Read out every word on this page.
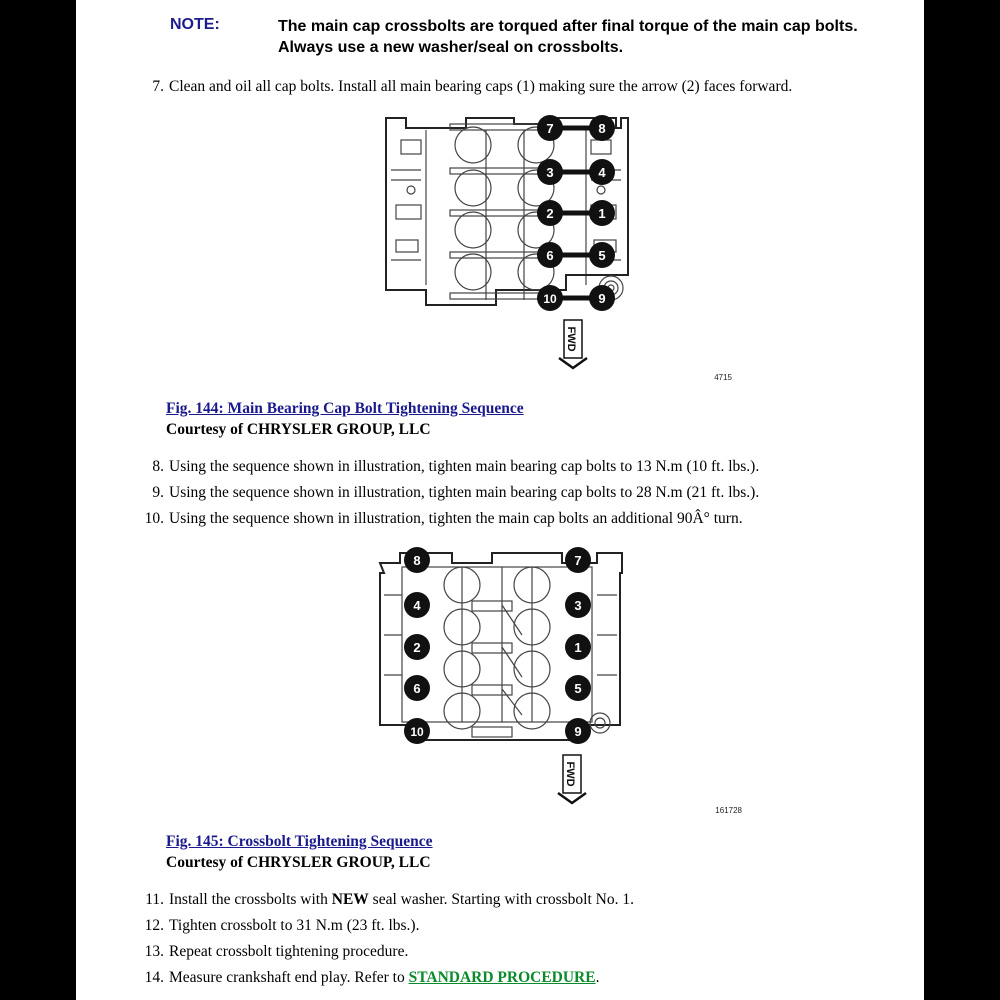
NOTE:	The main cap crossbolts are torqued after final torque of the main cap bolts. Always use a new washer/seal on crossbolts.
7. Clean and oil all cap bolts. Install all main bearing caps (1) making sure the arrow (2) faces forward.
7
3
2
6
10
8
4
1
5
9
FWD
4715
Fig. 144: Main Bearing Cap Bolt Tightening Sequence
Courtesy of CHRYSLER GROUP, LLC
8. Using the sequence shown in illustration, tighten main bearing cap bolts to 13 N.m (10 ft. lbs.).
9. Using the sequence shown in illustration, tighten main bearing cap bolts to 28 N.m (21 ft. lbs.).
10. Using the sequence shown in illustration, tighten the main cap bolts an additional 90Â° turn.
8
4
2
6
10
7
3
1
5
9
FWD
161728
Fig. 145: Crossbolt Tightening Sequence
Courtesy of CHRYSLER GROUP, LLC
11. Install the crossbolts with NEW seal washer. Starting with crossbolt No. 1.
12. Tighten crossbolt to 31 N.m (23 ft. lbs.).
13. Repeat crossbolt tightening procedure.
14. Measure crankshaft end play. Refer to STANDARD PROCEDURE.
